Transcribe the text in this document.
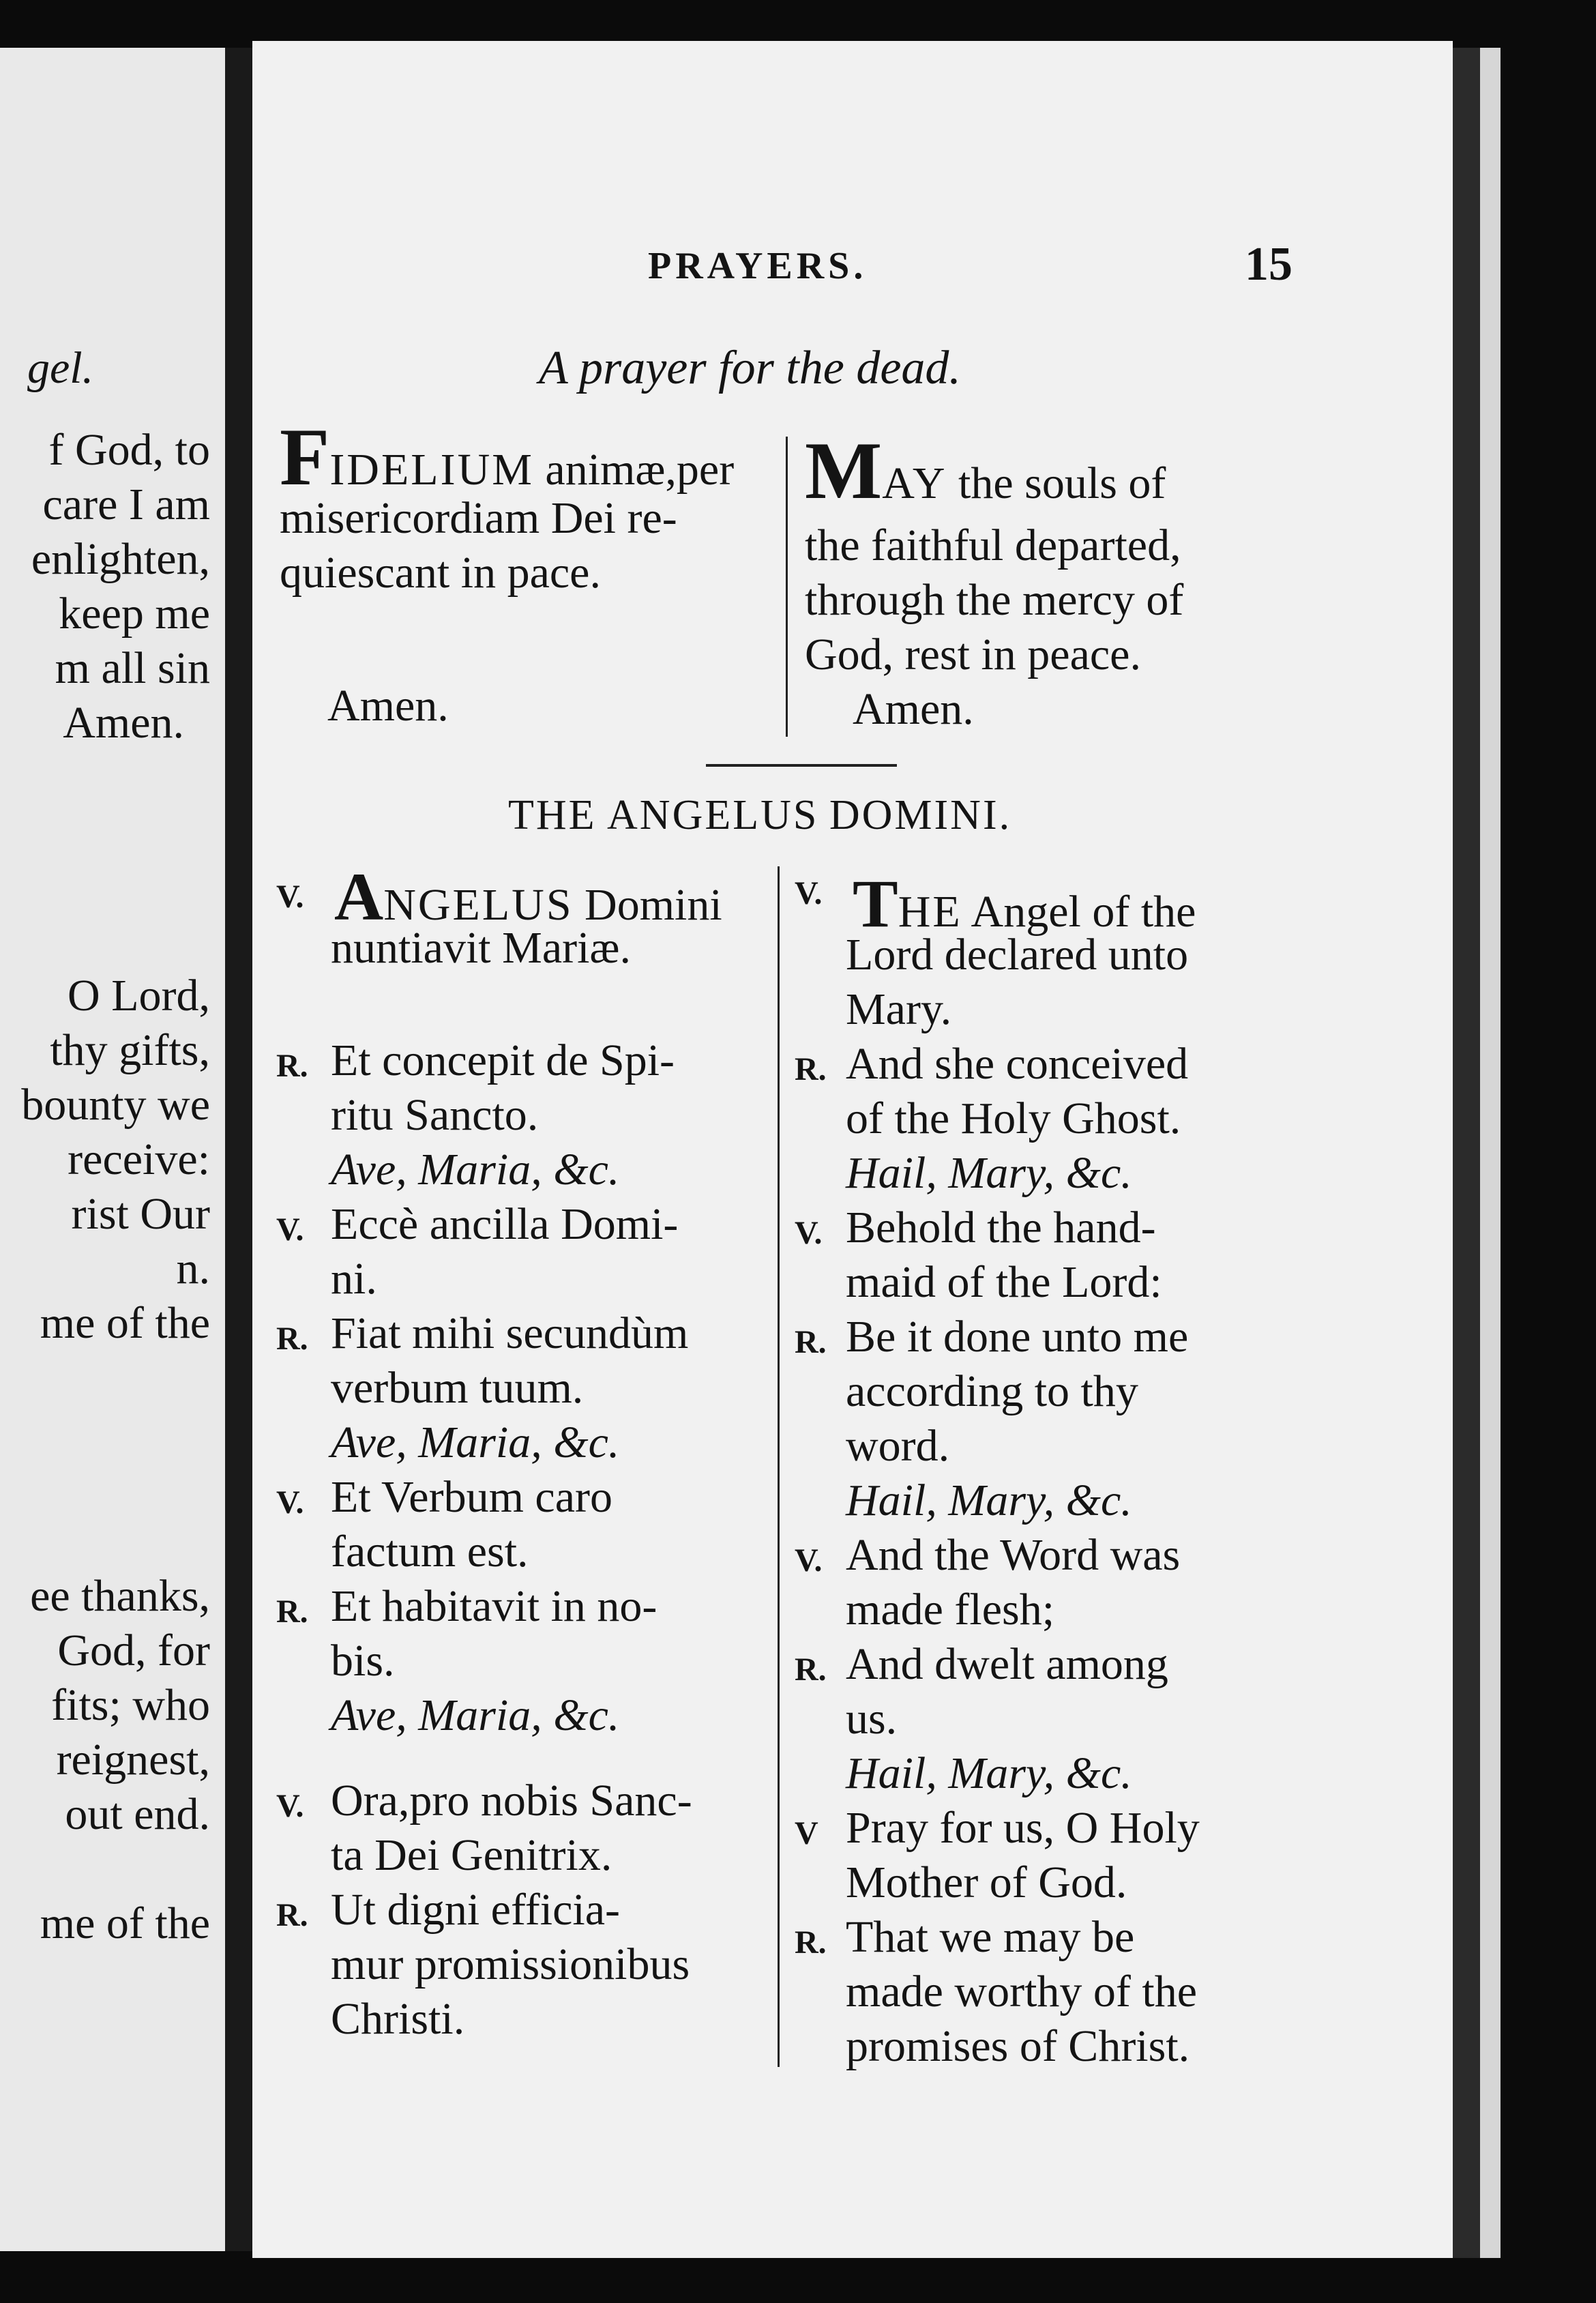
gel.
f God, to
care I am
enlighten,
keep me
m all sin
Amen.
O Lord,
thy gifts,
bounty we
receive:
rist Our
n.
me of the
ee thanks,
God, for
fits; who
reignest,
out end.
me of the
PRAYERS.	15
A prayer for the dead.
FIDELIUM animæ,per
misericordiam Dei re-
quiescant in pace.
Amen.
MAY the souls of
the faithful departed,
through the mercy of
God, rest in peace.
Amen.
THE ANGELUS DOMINI.
V. ANGELUS Domini
nuntiavit Mariæ.
R. Et concepit de Spi-
ritu Sancto.
Ave, Maria, &c.
V. Eccè ancilla Domi-
ni.
R. Fiat mihi secundùm
verbum tuum.
Ave, Maria, &c.
V. Et Verbum caro
factum est.
R. Et habitavit in no-
bis.
Ave, Maria, &c.
V. Ora,pro nobis Sanc-
ta Dei Genitrix.
R. Ut digni efficia-
mur promissionibus
Christi.
V. THE Angel of the
Lord declared unto
Mary.
R. And she conceived
of the Holy Ghost.
Hail, Mary, &c.
V. Behold the hand-
maid of the Lord:
R. Be it done unto me
according to thy
word.
Hail, Mary, &c.
V. And the Word was
made flesh;
R. And dwelt among
us.
Hail, Mary, &c.
V Pray for us, O Holy
Mother of God.
R. That we may be
made worthy of the
promises of Christ.
